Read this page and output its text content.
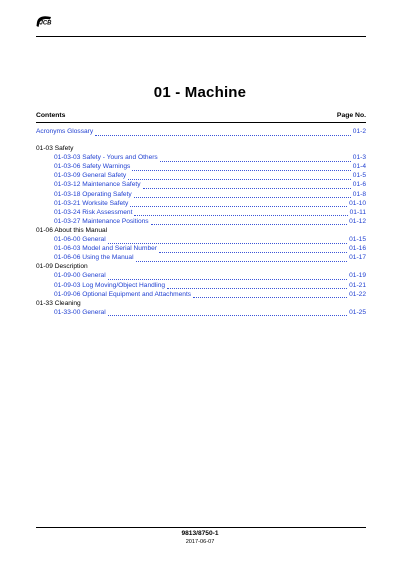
JCB
01 - Machine
Contents	Page No.
Acronyms Glossary	01-2
01-03 Safety
01-03-03 Safety - Yours and Others	01-3
01-03-06 Safety Warnings	01-4
01-03-09 General Safety	01-5
01-03-12 Maintenance Safety	01-6
01-03-18 Operating Safety	01-8
01-03-21 Worksite Safety	01-10
01-03-24 Risk Assessment	01-11
01-03-27 Maintenance Positions	01-12
01-06 About this Manual
01-06-00 General	01-15
01-06-03 Model and Serial Number	01-16
01-06-06 Using the Manual	01-17
01-09 Description
01-09-00 General	01-19
01-09-03 Log Moving/Object Handling	01-21
01-09-06 Optional Equipment and Attachments	01-22
01-33 Cleaning
01-33-00 General	01-25
9813/8750-1
2017-06-07
